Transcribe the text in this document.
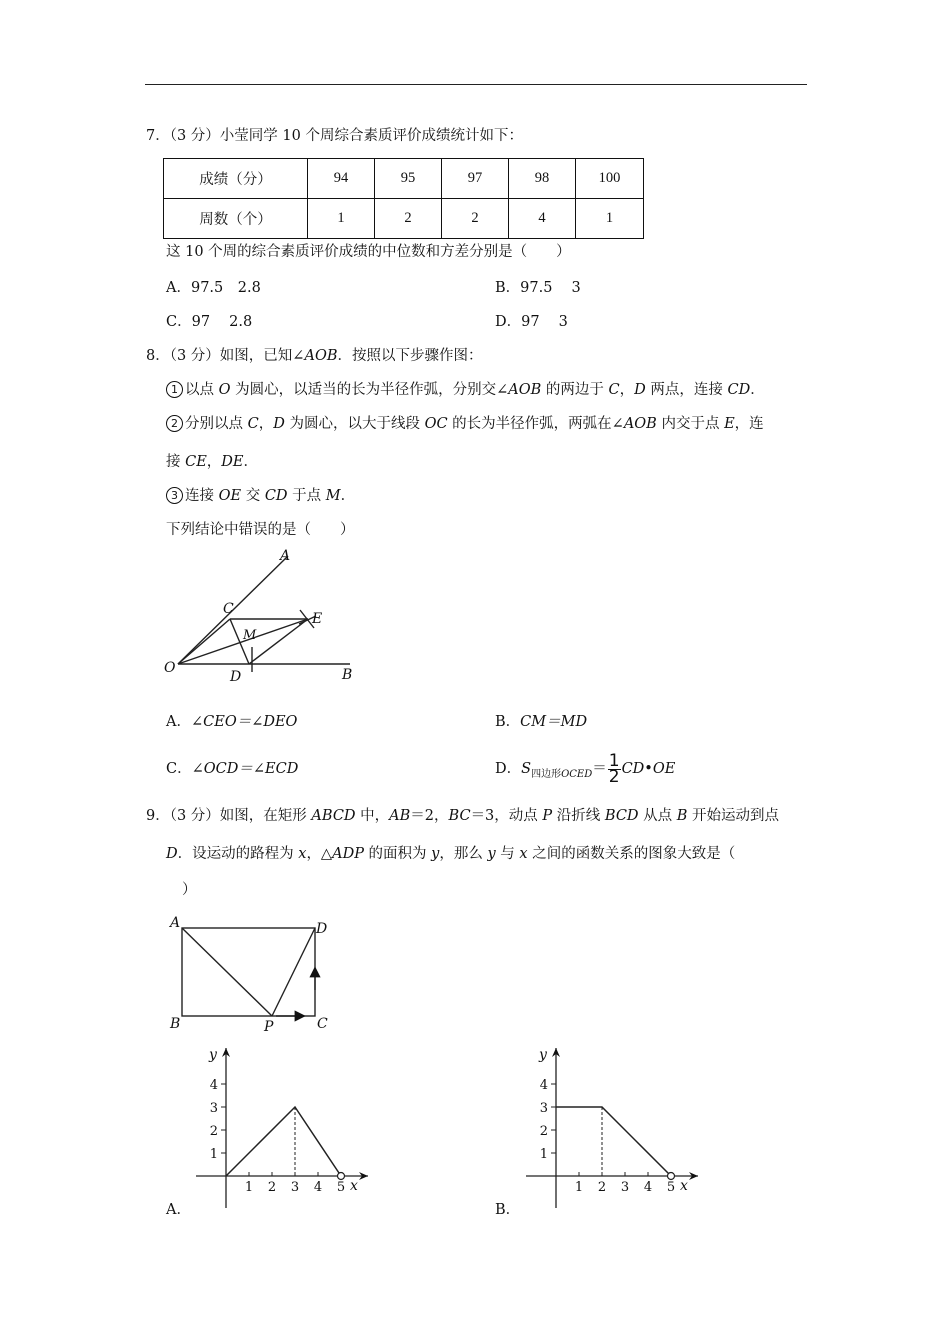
7．（3 分）小莹同学 10 个周综合素质评价成绩统计如下：
成绩（分）	94	95	97	98	100
周数（个）	1	2	2	4	1
这 10 个周的综合素质评价成绩的中位数和方差分别是（　　）
A．97.5　2.8	B．97.5　 3
C．97　 2.8	D．97　 3
8．（3 分）如图，已知∠AOB．按照以下步骤作图：
1 以点 O 为圆心，以适当的长为半径作弧，分别交∠AOB 的两边于 C，D 两点，连接 CD．
2 分别以点 C，D 为圆心，以大于线段 OC 的长为半径作弧，两弧在∠AOB 内交于点 E，连
接 CE，DE．
3 连接 OE 交 CD 于点 M．
下列结论中错误的是（　　）
A
C
E
M
O
D	B
A．∠CEO＝∠DEO	B．CM＝MD
C．∠OCD＝∠ECD	D．$S_{四边形OCED}= \frac{1}{2}$ CD•OE
9．（3 分）如图，在矩形 ABCD 中，AB＝2，BC＝3，动点 P 沿折线 BCD 从点 B 开始运动到点
D．设运动的路程为 x，△ADP 的面积为 y，那么 y 与 x 之间的函数关系的图象大致是（
）
A	D
B	P	C
x
y
1 2 3 4 5
1
2
3
4
A．
x
y
1 2 3 4 5
1
2
3
4
B．
